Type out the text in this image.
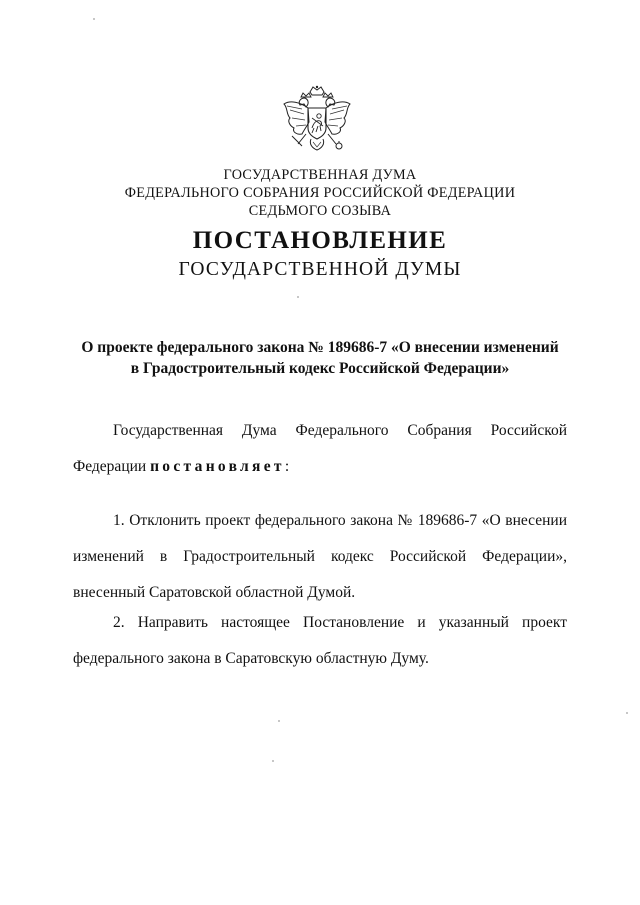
ГОСУДАРСТВЕННАЯ ДУМА
ФЕДЕРАЛЬНОГО СОБРАНИЯ РОССИЙСКОЙ ФЕДЕРАЦИИ
СЕДЬМОГО СОЗЫВА
ПОСТАНОВЛЕНИЕ
ГОСУДАРСТВЕННОЙ ДУМЫ
О проекте федерального закона № 189686-7 «О внесении изменений
в Градостроительный кодекс Российской Федерации»
Государственная Дума Федерального Собрания Российской
Федерации постановляет:
1. Отклонить проект федерального закона № 189686-7 «О внесении
изменений в Градостроительный кодекс Российской Федерации»,
внесенный Саратовской областной Думой.
2. Направить настоящее Постановление и указанный проект
федерального закона в Саратовскую областную Думу.
